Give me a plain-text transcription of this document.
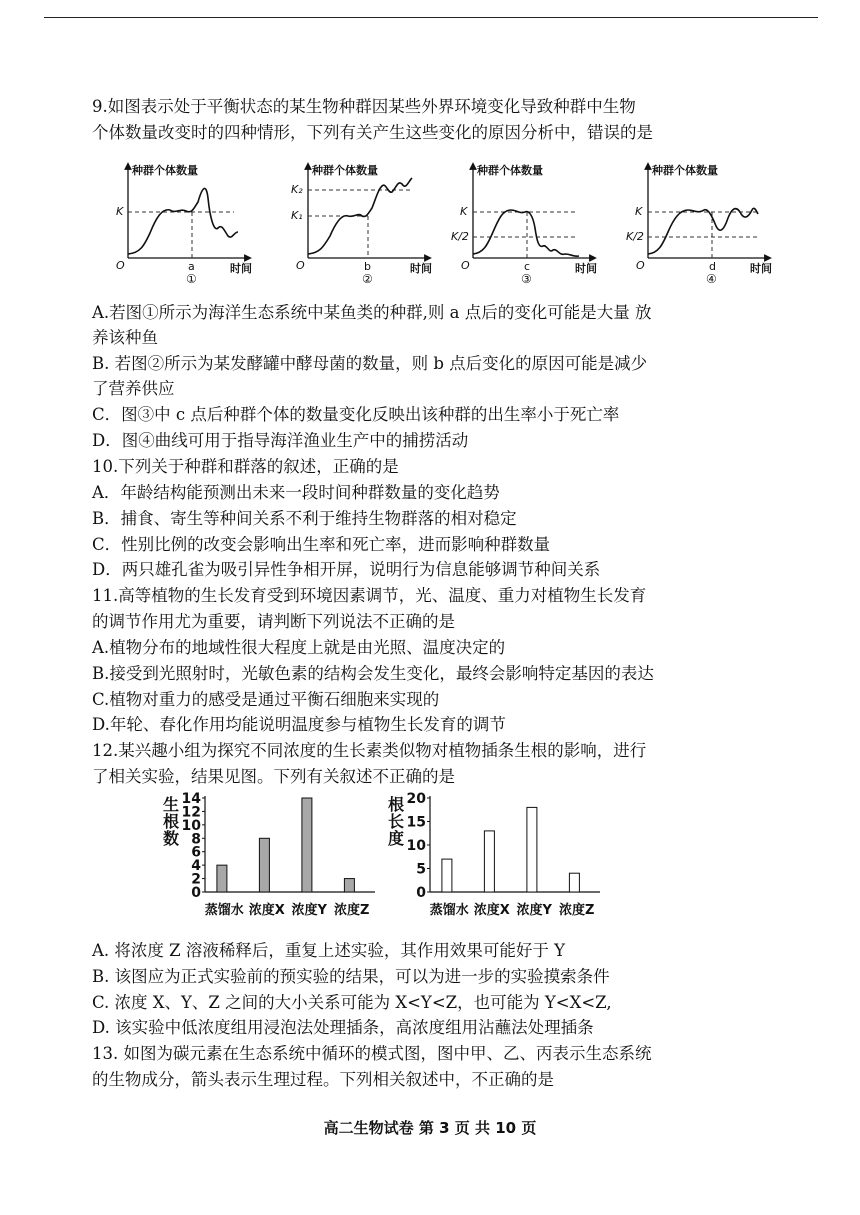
9.如图表示处于平衡状态的某生物种群因某些外界环境变化导致种群中生物
个体数量改变时的四种情形，下列有关产生这些变化的原因分析中，错误的是
种群个体数量
时间
O
K
a
①
种群个体数量
时间
O
K₂
K₁
b
②
种群个体数量
时间
O
K
K/2
c
③
种群个体数量
时间
O
K
K/2
d
④
A.若图①所示为海洋生态系统中某鱼类的种群,则 a 点后的变化可能是大量 放
养该种鱼
B. 若图②所示为某发酵罐中酵母菌的数量，则 b 点后变化的原因可能是减少
了营养供应
C．图③中 c 点后种群个体的数量变化反映出该种群的出生率小于死亡率
D．图④曲线可用于指导海洋渔业生产中的捕捞活动
10.下列关于种群和群落的叙述，正确的是
A．年龄结构能预测出未来一段时间种群数量的变化趋势
B．捕食、寄生等种间关系不利于维持生物群落的相对稳定
C．性别比例的改变会影响出生率和死亡率，进而影响种群数量
D．两只雄孔雀为吸引异性争相开屏，说明行为信息能够调节种间关系
11.高等植物的生长发育受到环境因素调节，光、温度、重力对植物生长发育
的调节作用尤为重要，请判断下列说法不正确的是
A.植物分布的地域性很大程度上就是由光照、温度决定的
B.接受到光照射时，光敏色素的结构会发生变化，最终会影响特定基因的表达
C.植物对重力的感受是通过平衡石细胞来实现的
D.年轮、春化作用均能说明温度参与植物生长发育的调节
12.某兴趣小组为探究不同浓度的生长素类似物对植物插条生根的影响，进行
了相关实验，结果见图。下列有关叙述不正确的是
生
根
数
14
12
10
8
6
4
2
0
蒸馏水 浓度X 浓度Y 浓度Z
根
长
度
20
15
10
5
0
蒸馏水 浓度X 浓度Y 浓度Z
A. 将浓度 Z 溶液稀释后，重复上述实验，其作用效果可能好于 Y
B. 该图应为正式实验前的预实验的结果，可以为进一步的实验摸索条件
C. 浓度 X、Y、Z 之间的大小关系可能为 X<Y<Z，也可能为 Y<X<Z,
D. 该实验中低浓度组用浸泡法处理插条，高浓度组用沾蘸法处理插条
13. 如图为碳元素在生态系统中循环的模式图，图中甲、乙、丙表示生态系统
的生物成分，箭头表示生理过程。下列相关叙述中，不正确的是
高二生物试卷 第 3 页 共 10 页
